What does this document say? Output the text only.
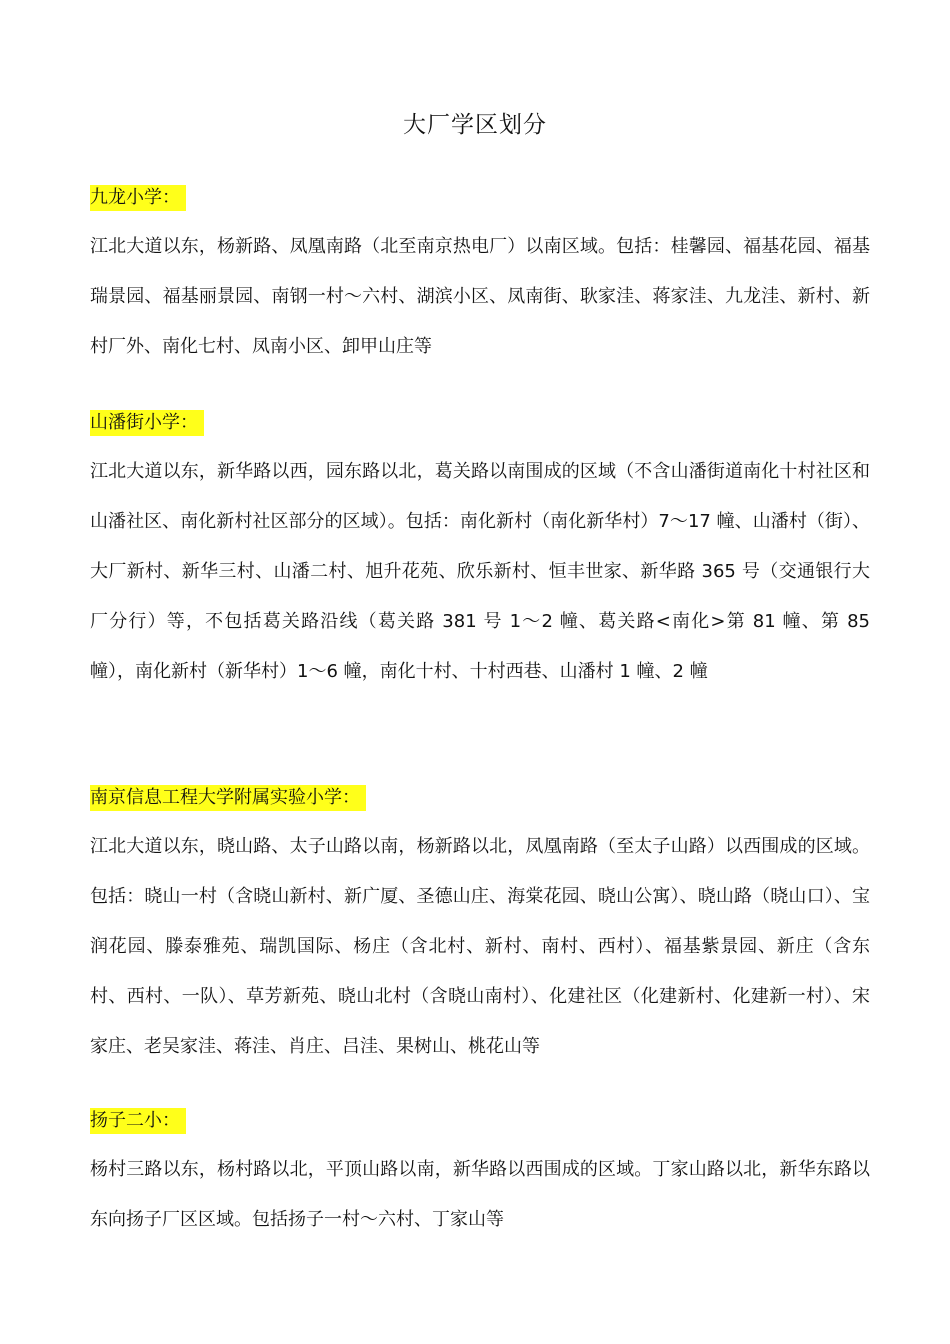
大厂学区划分
九龙小学：

江北大道以东，杨新路、凤凰南路（北至南京热电厂）以南区域。包括：桂馨园、福基花园、福基瑞景园、福基丽景园、南钢一村～六村、湖滨小区、凤南街、耿家洼、蒋家洼、九龙洼、新村、新村厂外、南化七村、凤南小区、卸甲山庄等

山潘街小学：

江北大道以东，新华路以西，园东路以北，葛关路以南围成的区域（不含山潘街道南化十村社区和山潘社区、南化新村社区部分的区域）。包括：南化新村（南化新华村）7～17 幢、山潘村（街）、大厂新村、新华三村、山潘二村、旭升花苑、欣乐新村、恒丰世家、新华路 365 号（交通银行大厂分行）等，不包括葛关路沿线（葛关路 381 号 1～2 幢、葛关路<南化>第 81 幢、第 85 幢），南化新村（新华村）1～6 幢，南化十村、十村西巷、山潘村 1 幢、2 幢

南京信息工程大学附属实验小学：

江北大道以东，晓山路、太子山路以南，杨新路以北，凤凰南路（至太子山路）以西围成的区域。包括：晓山一村（含晓山新村、新广厦、圣德山庄、海棠花园、晓山公寓）、晓山路（晓山口）、宝润花园、滕泰雅苑、瑞凯国际、杨庄（含北村、新村、南村、西村）、福基紫景园、新庄（含东村、西村、一队）、草芳新苑、晓山北村（含晓山南村）、化建社区（化建新村、化建新一村）、宋家庄、老吴家洼、蒋洼、肖庄、吕洼、果树山、桃花山等

扬子二小：

杨村三路以东，杨村路以北，平顶山路以南，新华路以西围成的区域。丁家山路以北，新华东路以东向扬子厂区区域。包括扬子一村～六村、丁家山等
